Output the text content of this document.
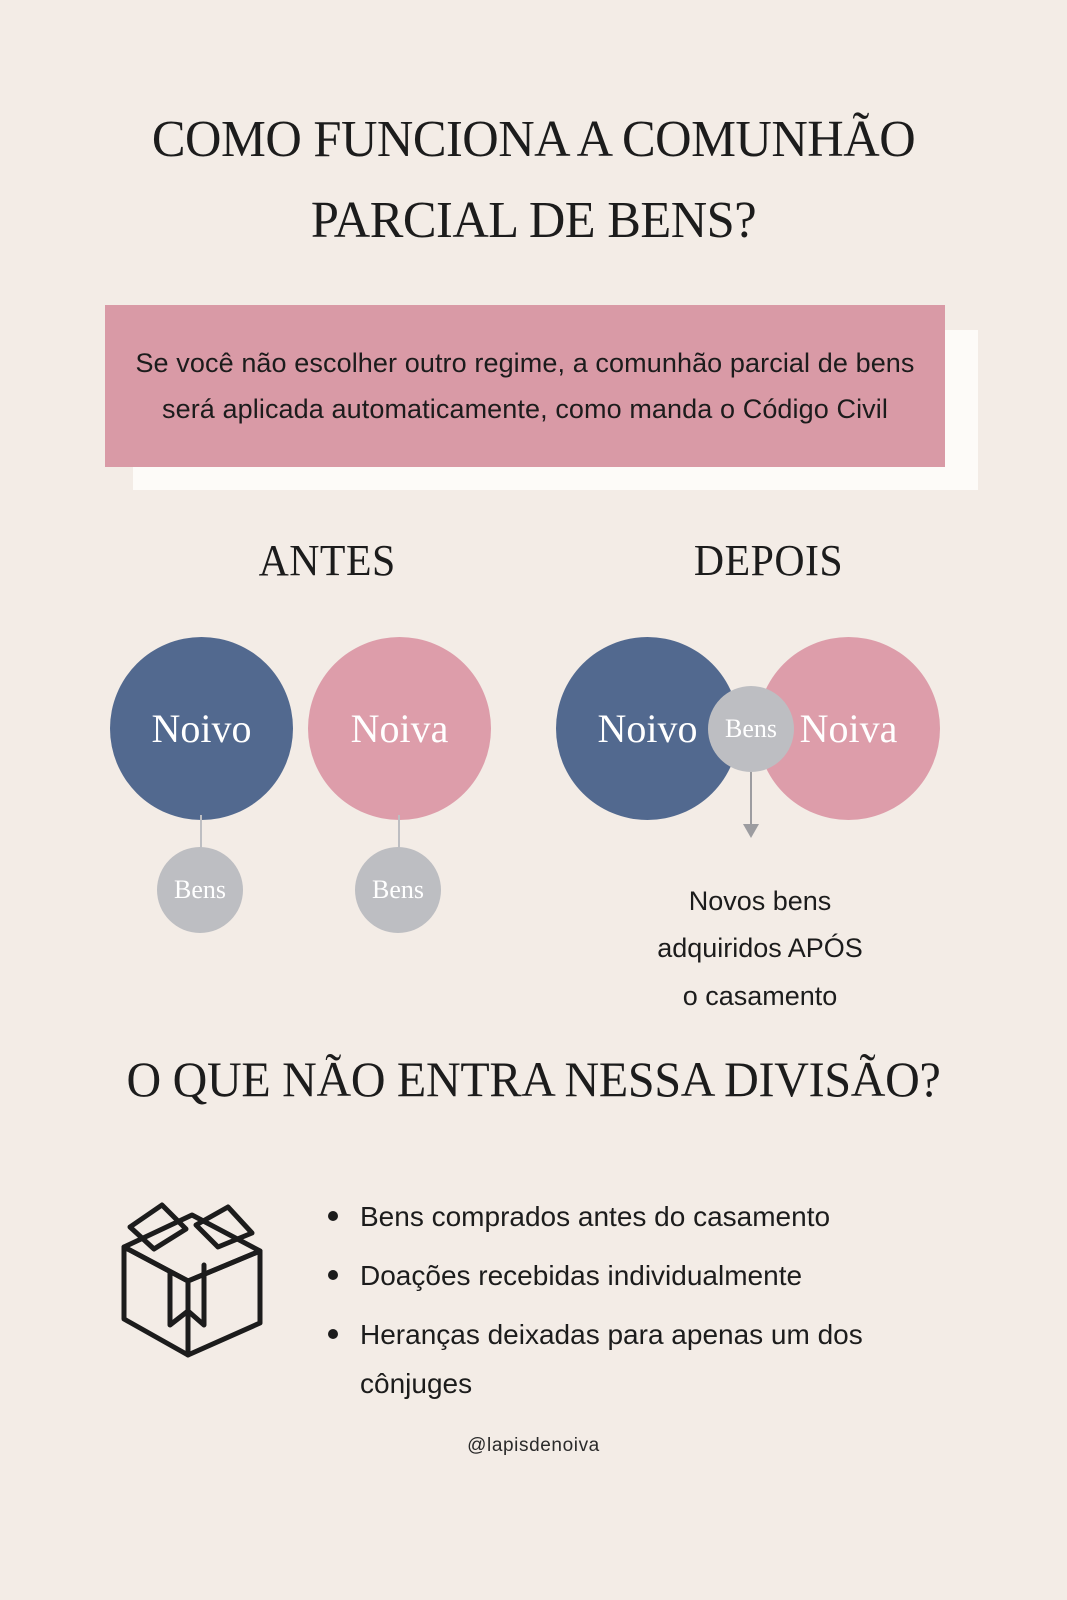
COMO FUNCIONA A COMUNHÃO
PARCIAL DE BENS?
Se você não escolher outro regime, a comunhão parcial de bens será aplicada automaticamente, como manda o Código Civil
ANTES	DEPOIS
Noivo Noiva
Bens	Bens
Noivo	Noiva
Bens
Novos bens
adquiridos APÓS
o casamento
O QUE NÃO ENTRA NESSA DIVISÃO?
Bens comprados antes do casamento
Doações recebidas individualmente
Heranças deixadas para apenas um dos cônjuges
@lapisdenoiva
